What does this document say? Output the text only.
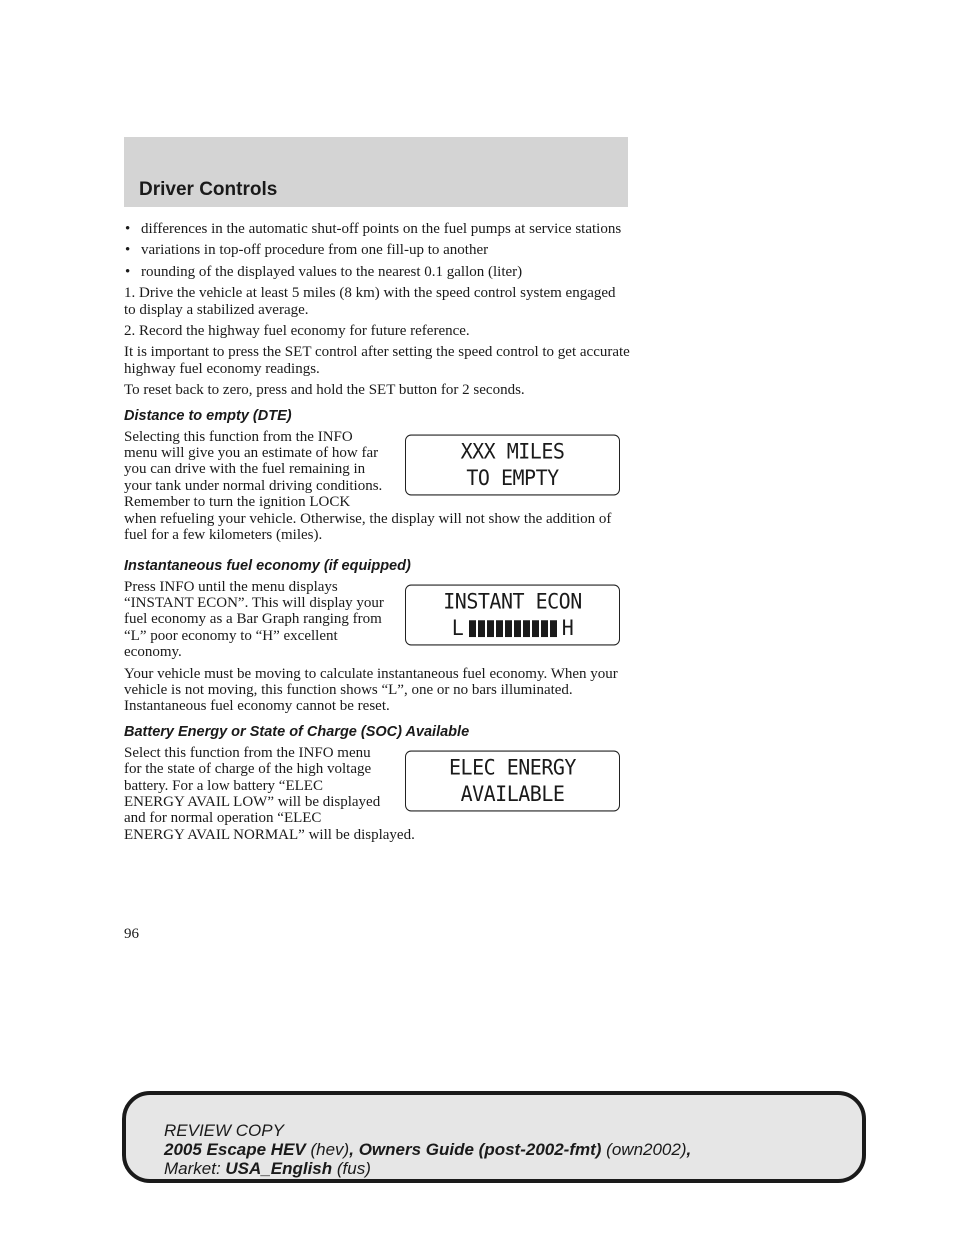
Driver Controls
• differences in the automatic shut-off points on the fuel pumps at service stations
• variations in top-off procedure from one fill-up to another
• rounding of the displayed values to the nearest 0.1 gallon (liter)

1. Drive the vehicle at least 5 miles (8 km) with the speed control system engaged to display a stabilized average.

2. Record the highway fuel economy for future reference.

It is important to press the SET control after setting the speed control to get accurate highway fuel economy readings.

To reset back to zero, press and hold the SET button for 2 seconds.

Distance to empty (DTE)
XXX MILES
TO EMPTY

Selecting this function from the INFO menu will give you an estimate of how far you can drive with the fuel remaining in your tank under normal driving conditions. Remember to turn the ignition LOCK when refueling your vehicle. Otherwise, the display will not show the addition of fuel for a few kilometers (miles).

Instantaneous fuel economy (if equipped)
INSTANT ECON
L	H

Press INFO until the menu displays “INSTANT ECON”. This will display your fuel economy as a Bar Graph ranging from “L” poor economy to “H” excellent economy.

Your vehicle must be moving to calculate instantaneous fuel economy. When your vehicle is not moving, this function shows “L”, one or no bars illuminated. Instantaneous fuel economy cannot be reset.

Battery Energy or State of Charge (SOC) Available
ELEC ENERGY
AVAILABLE

Select this function from the INFO menu for the state of charge of the high voltage battery. For a low battery “ELEC ENERGY AVAIL LOW” will be displayed and for normal operation “ELEC ENERGY AVAIL NORMAL” will be displayed.

96
REVIEW COPY
2005 Escape HEV (hev), Owners Guide (post-2002-fmt) (own2002),
Market: USA_English (fus)
